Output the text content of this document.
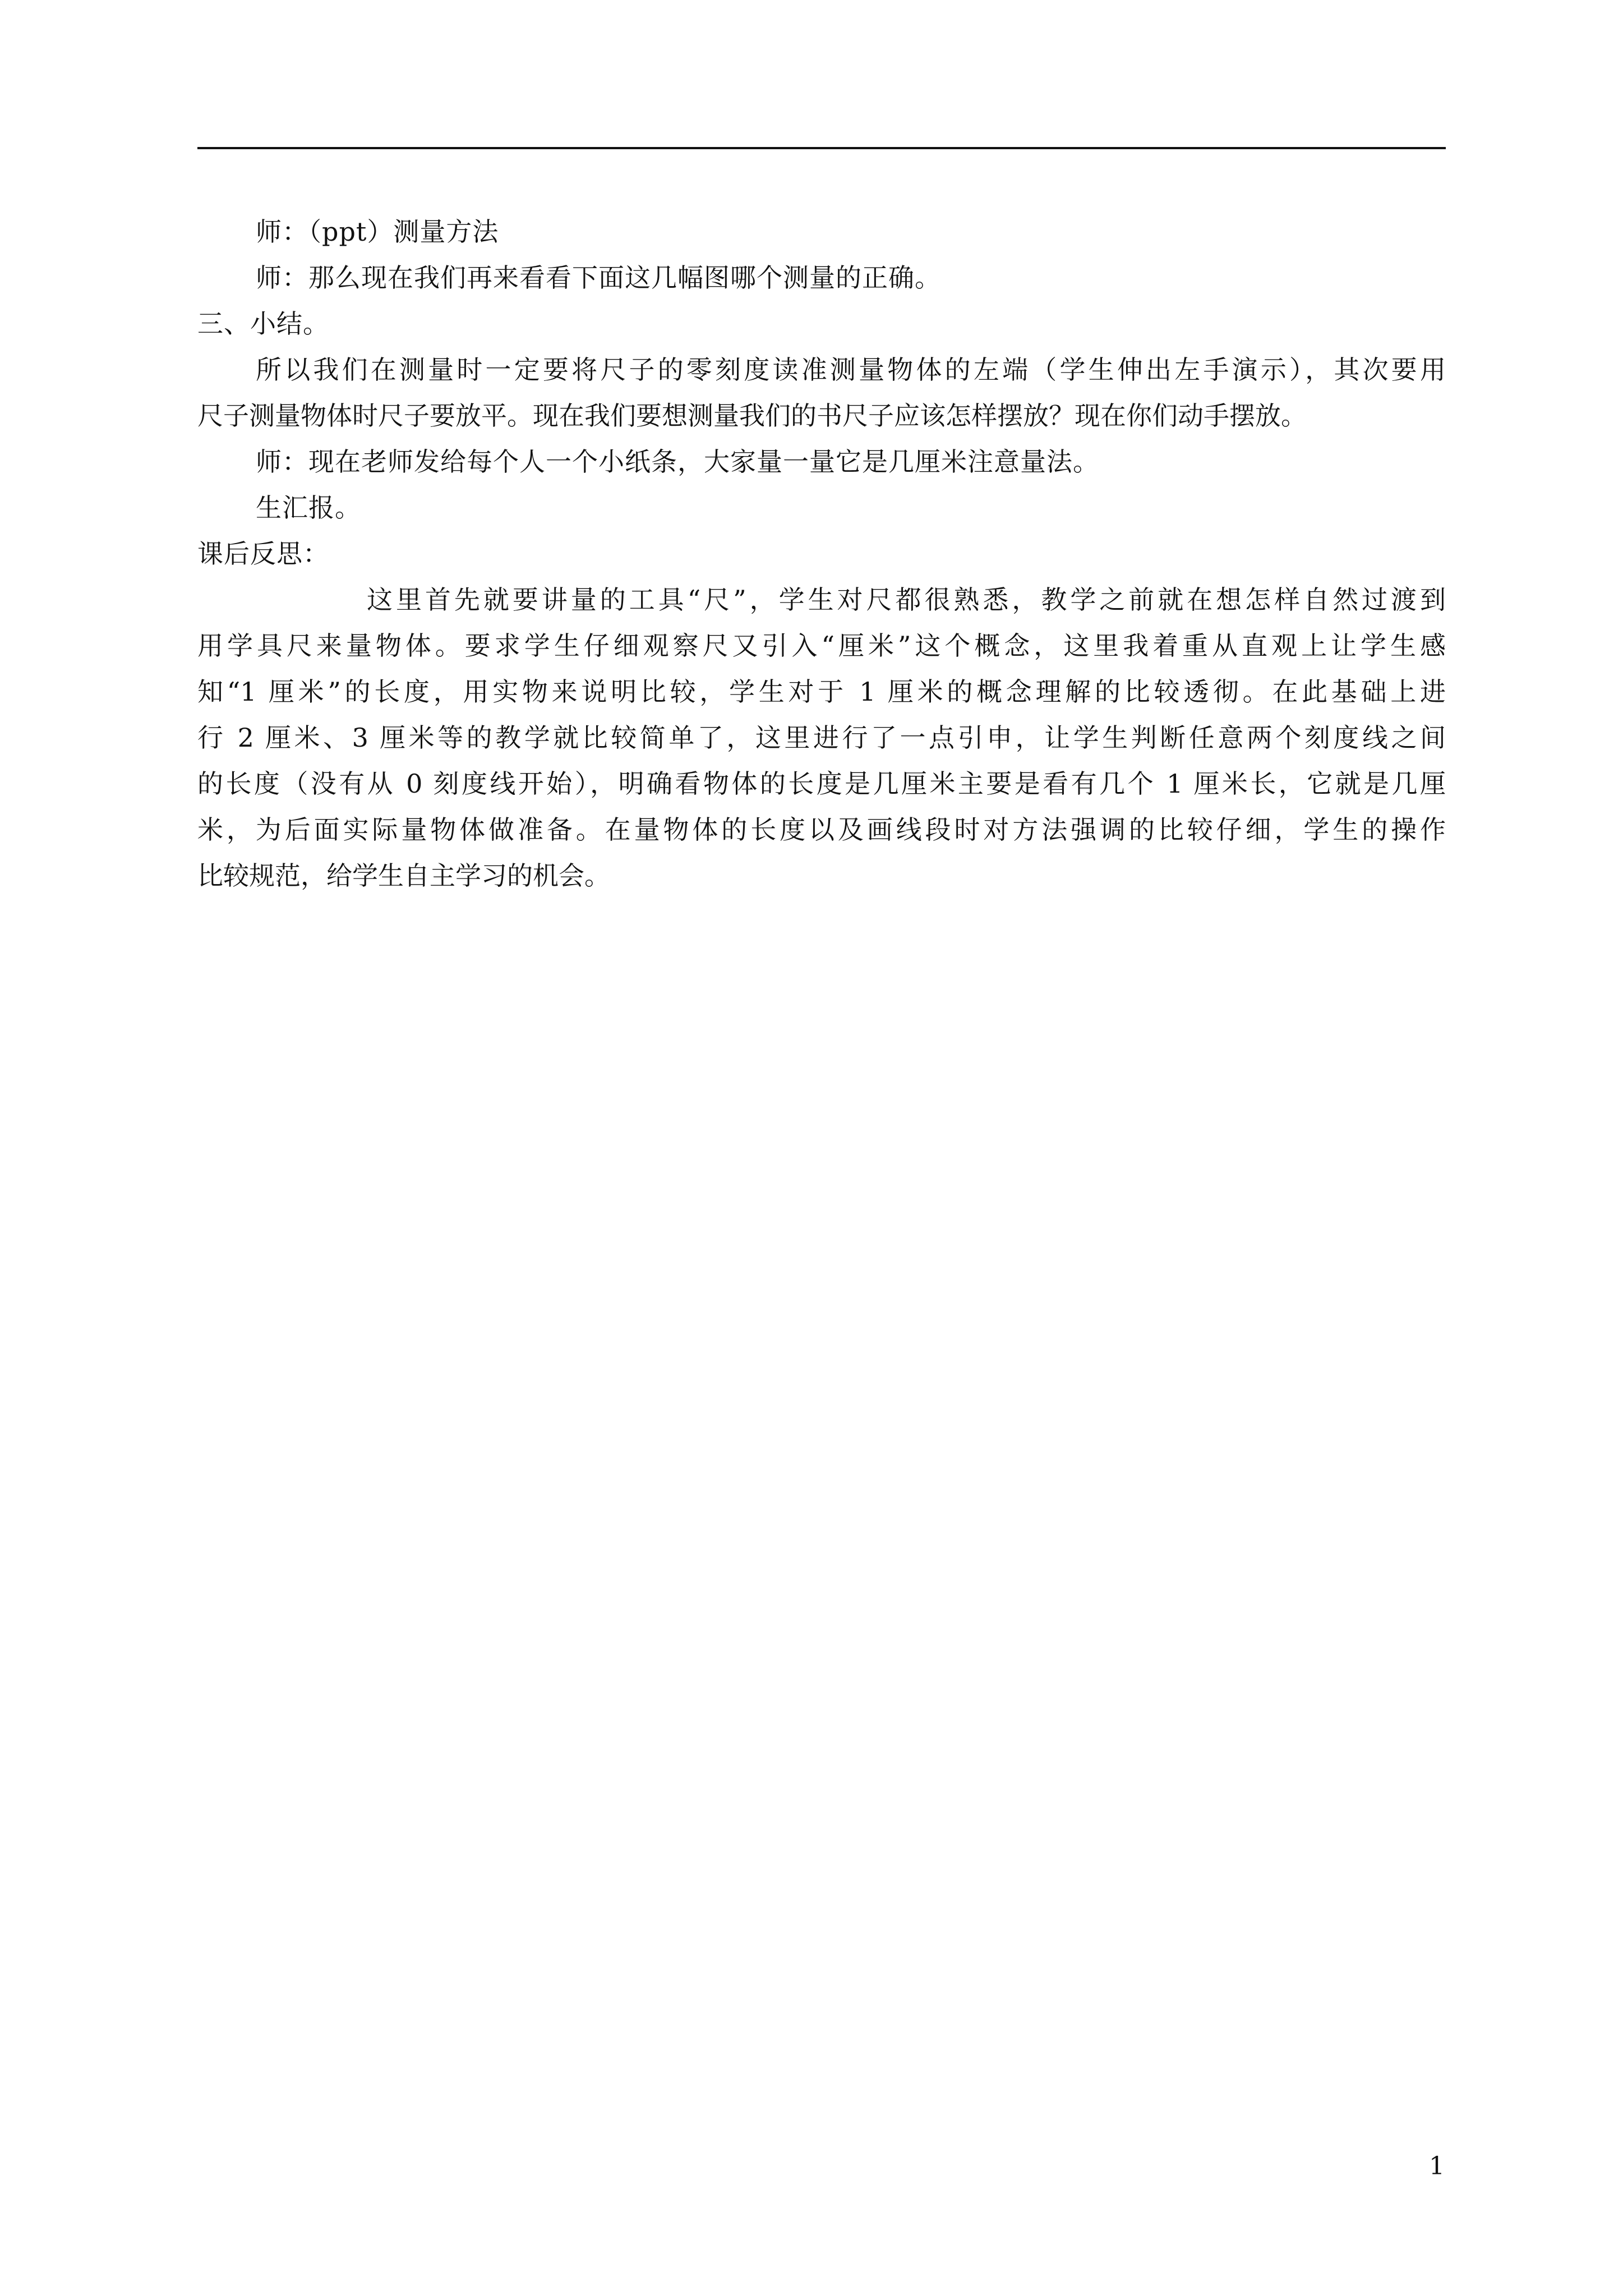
师：（ppt）测量方法
师：那么现在我们再来看看下面这几幅图哪个测量的正确。
三、小结。
所以我们在测量时一定要将尺子的零刻度读准测量物体的左端（学生伸出左手演示），其次要用
尺子测量物体时尺子要放平。现在我们要想测量我们的书尺子应该怎样摆放？现在你们动手摆放。
师：现在老师发给每个人一个小纸条，大家量一量它是几厘米注意量法。
生汇报。
课后反思：
这里首先就要讲量的工具“尺”，学生对尺都很熟悉，教学之前就在想怎样自然过渡到
用学具尺来量物体。要求学生仔细观察尺又引入“厘米”这个概念，这里我着重从直观上让学生感
知“1 厘米”的长度，用实物来说明比较，学生对于 1 厘米的概念理解的比较透彻。在此基础上进
行 2 厘米、3 厘米等的教学就比较简单了，这里进行了一点引申，让学生判断任意两个刻度线之间
的长度（没有从 0 刻度线开始），明确看物体的长度是几厘米主要是看有几个 1 厘米长，它就是几厘
米，为后面实际量物体做准备。在量物体的长度以及画线段时对方法强调的比较仔细，学生的操作
比较规范，给学生自主学习的机会。
1
